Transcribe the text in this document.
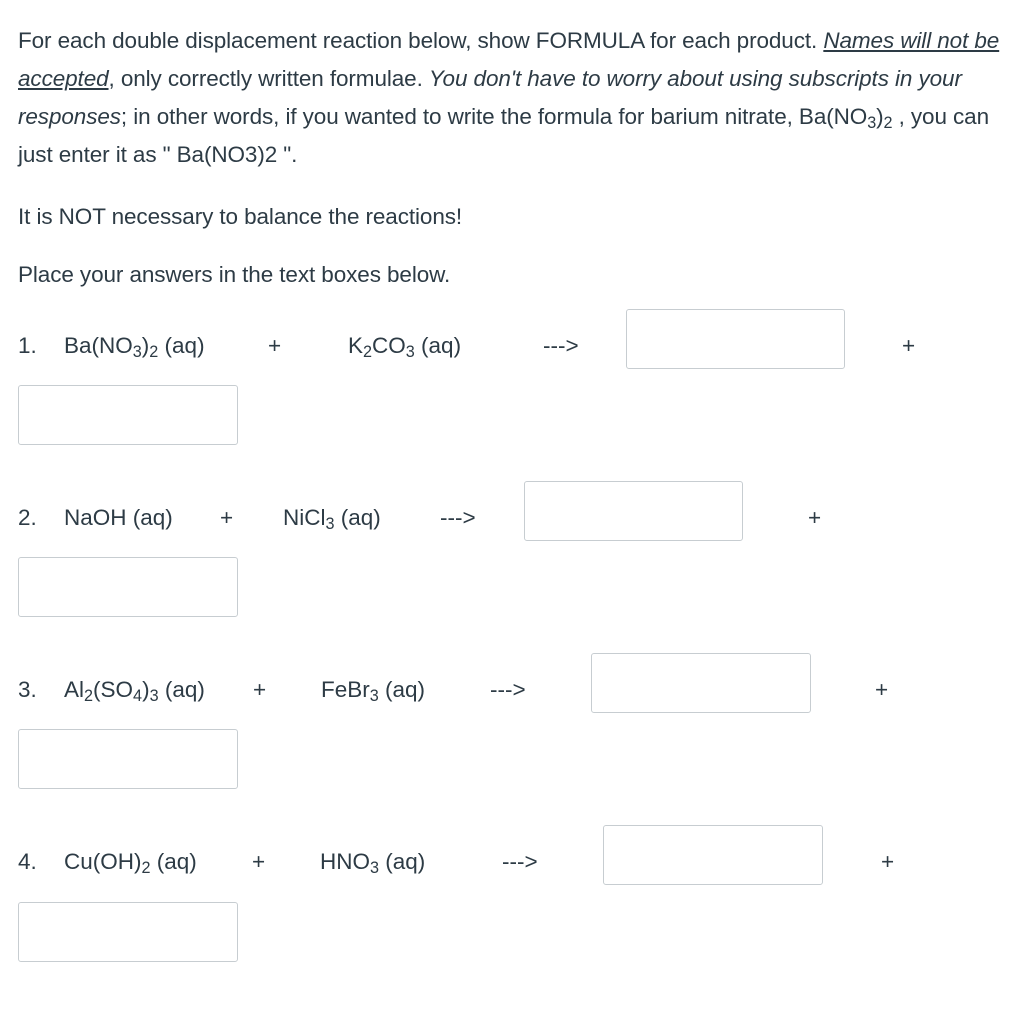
For each double displacement reaction below, show FORMULA for each product. Names will not be accepted, only correctly written formulae. You don't have to worry about using subscripts in your responses; in other words, if you wanted to write the formula for barium nitrate, $Ba(NO_3)_2$ , you can just enter it as " Ba(NO3)2 ".

It is NOT necessary to balance the reactions!

Place your answers in the text boxes below.

1. $Ba(NO_3)_2$ (aq)	+	$K_2CO_3$ (aq)	--->	+
2. NaOH (aq) + NiCl$_3$ (aq)	--->	+
3. $Al_2(SO_4)_3$ (aq) + FeBr$_3$ (aq)	--->	+
4. $Cu(OH)_2$ $(aq) + HNO_3$ (aq)	--->	+
